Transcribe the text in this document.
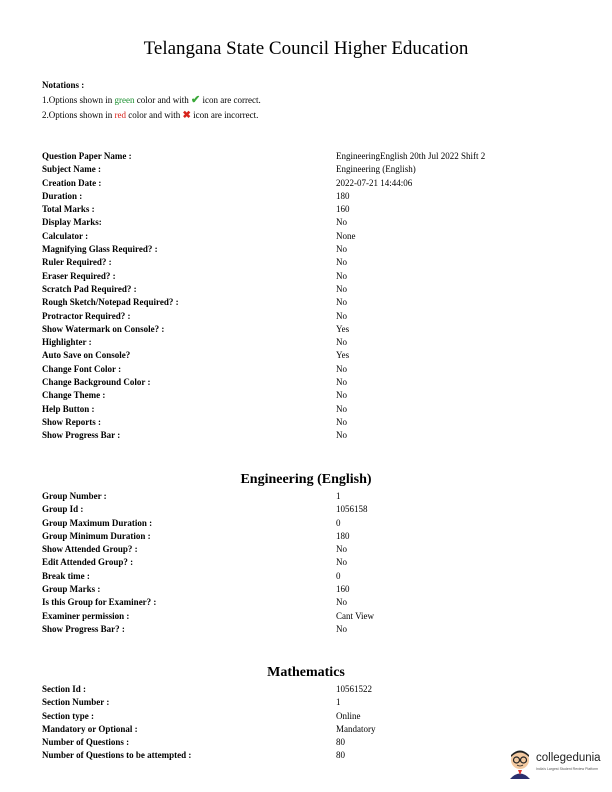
Telangana State Council Higher Education
Notations :
1.Options shown in green color and with ✔ icon are correct.
2.Options shown in red color and with ✖ icon are incorrect.
Question Paper Name :	EngineeringEnglish 20th Jul 2022 Shift 2
Subject Name :	Engineering (English)
Creation Date :	2022-07-21 14:44:06
Duration :	180
Total Marks :	160
Display Marks:	No
Calculator :	None
Magnifying Glass Required? :	No
Ruler Required? :	No
Eraser Required? :	No
Scratch Pad Required? :	No
Rough Sketch/Notepad Required? :	No
Protractor Required? :	No
Show Watermark on Console? :	Yes
Highlighter :	No
Auto Save on Console?	Yes
Change Font Color :	No
Change Background Color :	No
Change Theme :	No
Help Button :	No
Show Reports :	No
Show Progress Bar :	No
Engineering (English)
Group Number :	1
Group Id :	1056158
Group Maximum Duration :	0
Group Minimum Duration :	180
Show Attended Group? :	No
Edit Attended Group? :	No
Break time :	0
Group Marks :	160
Is this Group for Examiner? :	No
Examiner permission :	Cant View
Show Progress Bar? :	No
Mathematics
Section Id :	10561522
Section Number :	1
Section type :	Online
Mandatory or Optional :	Mandatory
Number of Questions :	80
Number of Questions to be attempted :	80	collegedunia
India's Largest Student Review Platform
